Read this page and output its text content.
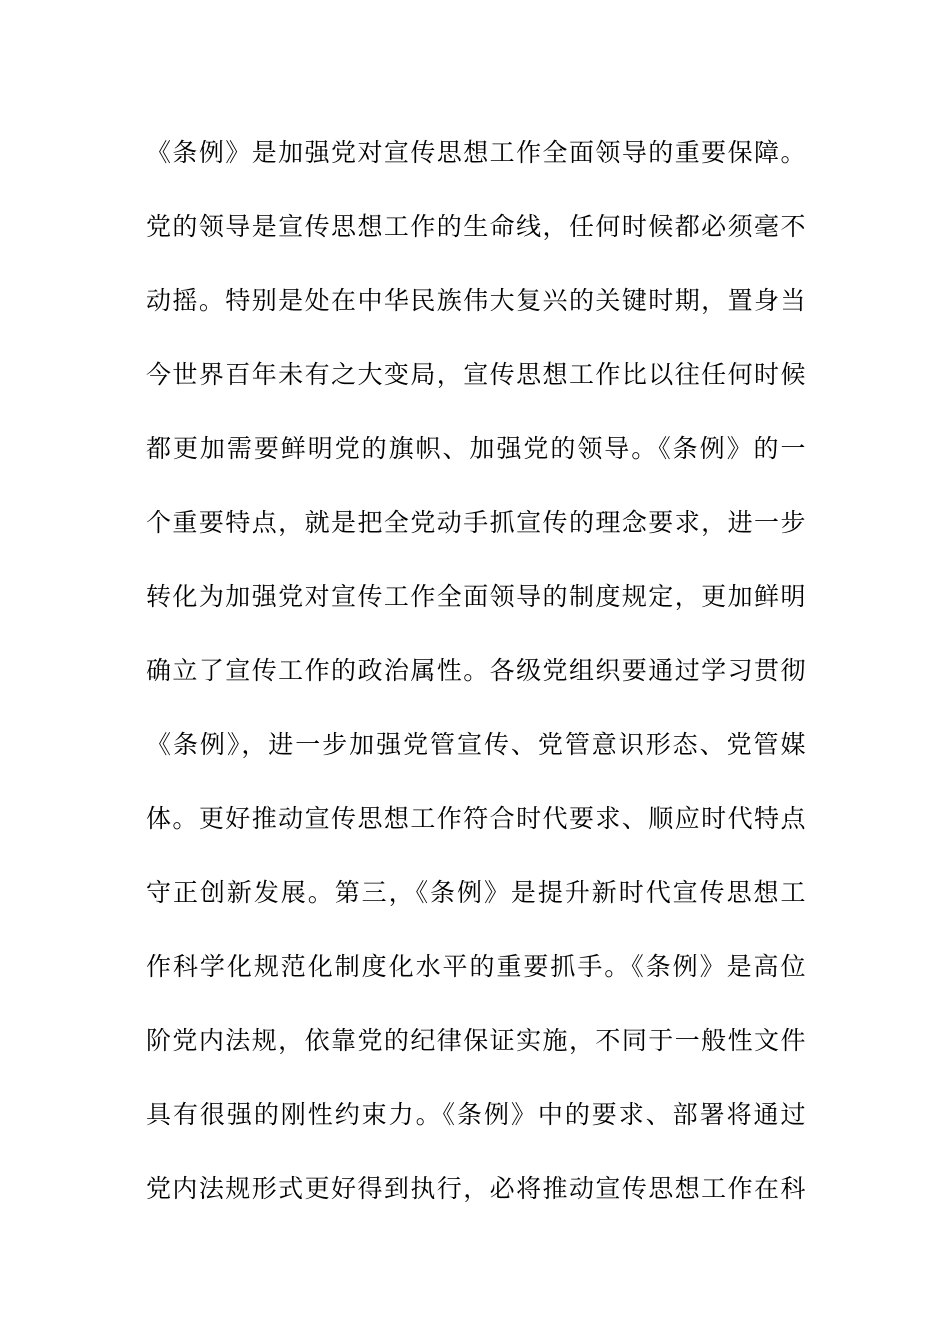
《条例》是加强党对宣传思想工作全面领导的重要保障。
党的领导是宣传思想工作的生命线，任何时候都必须毫不
动摇。特别是处在中华民族伟大复兴的关键时期，置身当
今世界百年未有之大变局，宣传思想工作比以往任何时候
都更加需要鲜明党的旗帜、加强党的领导。《条例》的一
个重要特点，就是把全党动手抓宣传的理念要求，进一步
转化为加强党对宣传工作全面领导的制度规定，更加鲜明
确立了宣传工作的政治属性。各级党组织要通过学习贯彻
《条例》，进一步加强党管宣传、党管意识形态、党管媒
体。更好推动宣传思想工作符合时代要求、顺应时代特点
守正创新发展。第三，《条例》是提升新时代宣传思想工
作科学化规范化制度化水平的重要抓手。《条例》是高位
阶党内法规，依靠党的纪律保证实施，不同于一般性文件
具有很强的刚性约束力。《条例》中的要求、部署将通过
党内法规形式更好得到执行，必将推动宣传思想工作在科
